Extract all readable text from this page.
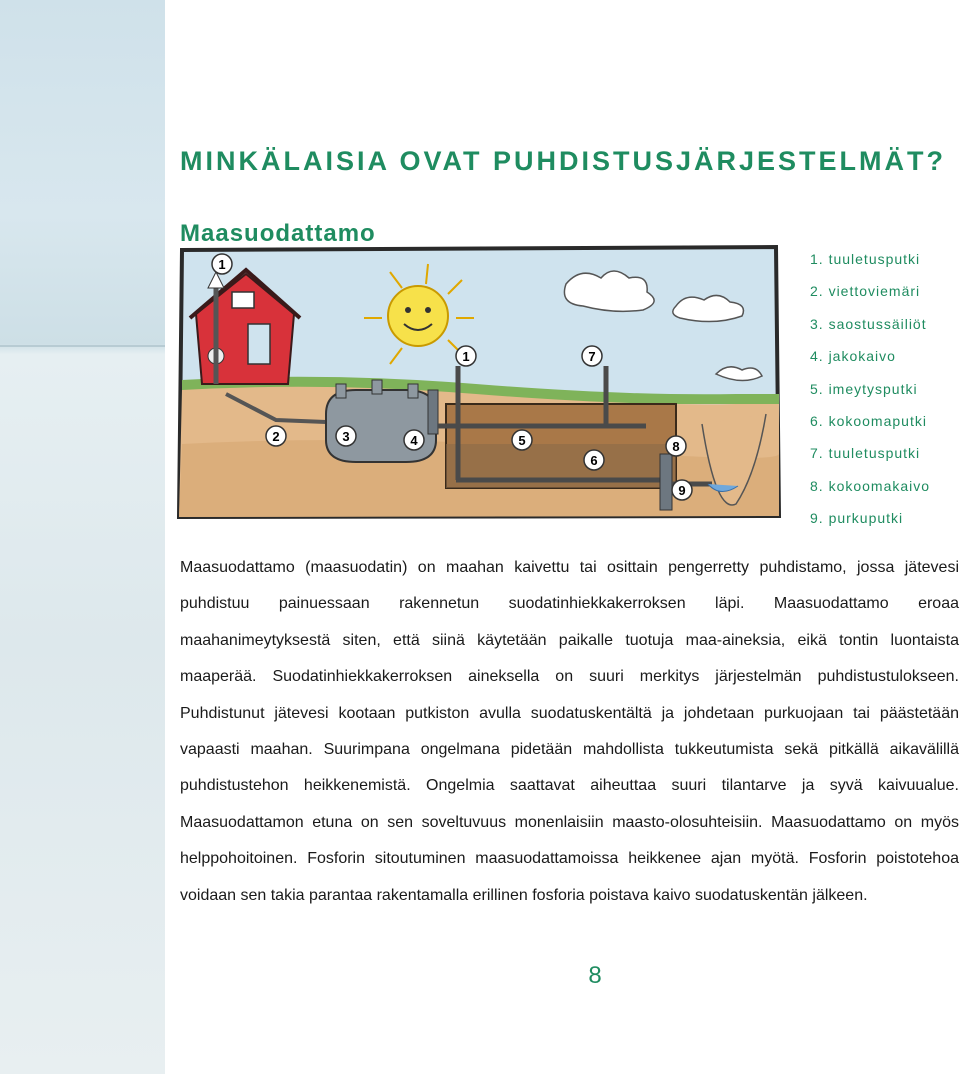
MINKÄLAISIA OVAT PUHDISTUSJÄRJESTELMÄT?
Maasuodattamo
1
2	3	4	5
6
1	7
8
9
1. tuuletusputki
2. viettoviemäri
3. saostussäiliöt
4. jakokaivo
5. imeytysputki
6. kokoomaputki
7. tuuletusputki
8. kokoomakaivo
9. purkuputki

Maasuodattamo (maasuodatin) on maahan kaivettu tai osittain pengerretty puhdistamo, jossa jätevesi puhdistuu painuessaan rakennetun suodatinhiekkakerroksen läpi. Maasuodattamo eroaa maahanimeytyksestä siten, että siinä käytetään paikalle tuotuja maa-aineksia, eikä tontin luontaista maaperää. Suodatinhiekkakerroksen aineksella on suuri merkitys järjestelmän puhdistustulokseen. Puhdistunut jätevesi kootaan putkiston avulla suodatuskentältä ja johdetaan purkuojaan tai päästetään vapaasti maahan. Suurimpana ongelmana pidetään mahdollista tukkeutumista sekä pitkällä aikavälillä puhdistustehon heikkenemistä. Ongelmia saattavat aiheuttaa suuri tilantarve ja syvä kaivuualue. Maasuodattamon etuna on sen soveltuvuus monenlaisiin maasto-olosuhteisiin. Maasuodattamo on myös helppohoitoinen. Fosforin sitoutuminen maasuodattamoissa heikkenee ajan myötä. Fosforin poistotehoa voidaan sen takia parantaa rakentamalla erillinen fosforia poistava kaivo suodatuskentän jälkeen.

8
